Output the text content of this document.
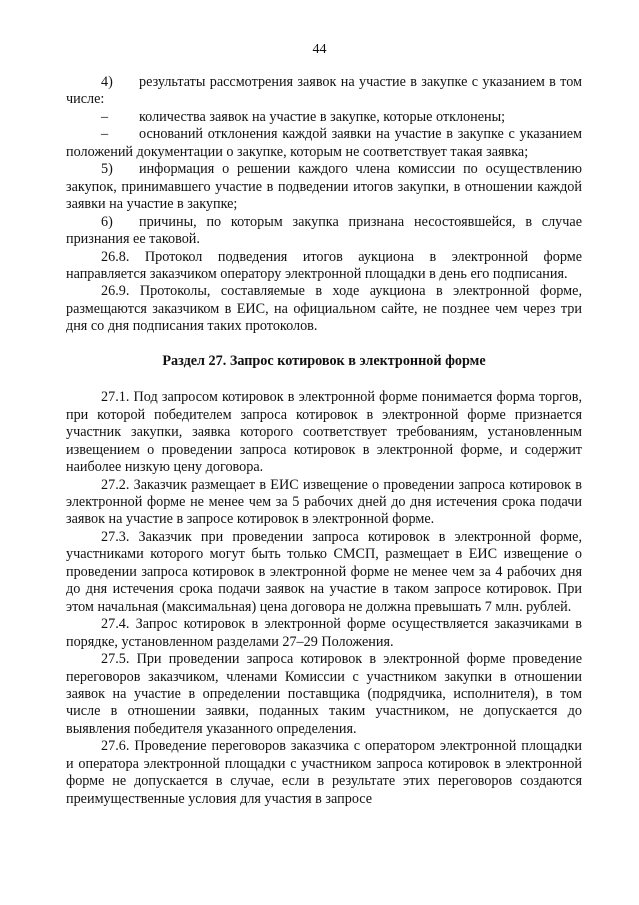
44

4) результаты рассмотрения заявок на участие в закупке с указанием в том числе:

– количества заявок на участие в закупке, которые отклонены;

– оснований отклонения каждой заявки на участие в закупке с указанием положений документации о закупке, которым не соответствует такая заявка;

5) информация о решении каждого члена комиссии по осуществлению закупок, принимавшего участие в подведении итогов закупки, в отношении каждой заявки на участие в закупке;

6) причины, по которым закупка признана несостоявшейся, в случае признания ее таковой.

26.8. Протокол подведения итогов аукциона в электронной форме направляется заказчиком оператору электронной площадки в день его подписания.

26.9. Протоколы, составляемые в ходе аукциона в электронной форме, размещаются заказчиком в ЕИС, на официальном сайте, не позднее чем через три дня со дня подписания таких протоколов.

Раздел 27. Запрос котировок в электронной форме

27.1. Под запросом котировок в электронной форме понимается форма торгов, при которой победителем запроса котировок в электронной форме признается участник закупки, заявка которого соответствует требованиям, установленным извещением о проведении запроса котировок в электронной форме, и содержит наиболее низкую цену договора.

27.2. Заказчик размещает в ЕИС извещение о проведении запроса котировок в электронной форме не менее чем за 5 рабочих дней до дня истечения срока подачи заявок на участие в запросе котировок в электронной форме.

27.3. Заказчик при проведении запроса котировок в электронной форме, участниками которого могут быть только СМСП, размещает в ЕИС извещение о проведении запроса котировок в электронной форме не менее чем за 4 рабочих дня до дня истечения срока подачи заявок на участие в таком запросе котировок. При этом начальная (максимальная) цена договора не должна превышать 7 млн. рублей.

27.4. Запрос котировок в электронной форме осуществляется заказчиками в порядке, установленном разделами 27–29 Положения.

27.5. При проведении запроса котировок в электронной форме проведение переговоров заказчиком, членами Комиссии с участником закупки в отношении заявок на участие в определении поставщика (подрядчика, исполнителя), в том числе в отношении заявки, поданных таким участником, не допускается до выявления победителя указанного определения.

27.6. Проведение переговоров заказчика с оператором электронной площадки и оператора электронной площадки с участником запроса котировок в электронной форме не допускается в случае, если в результате этих переговоров создаются преимущественные условия для участия в запросе
